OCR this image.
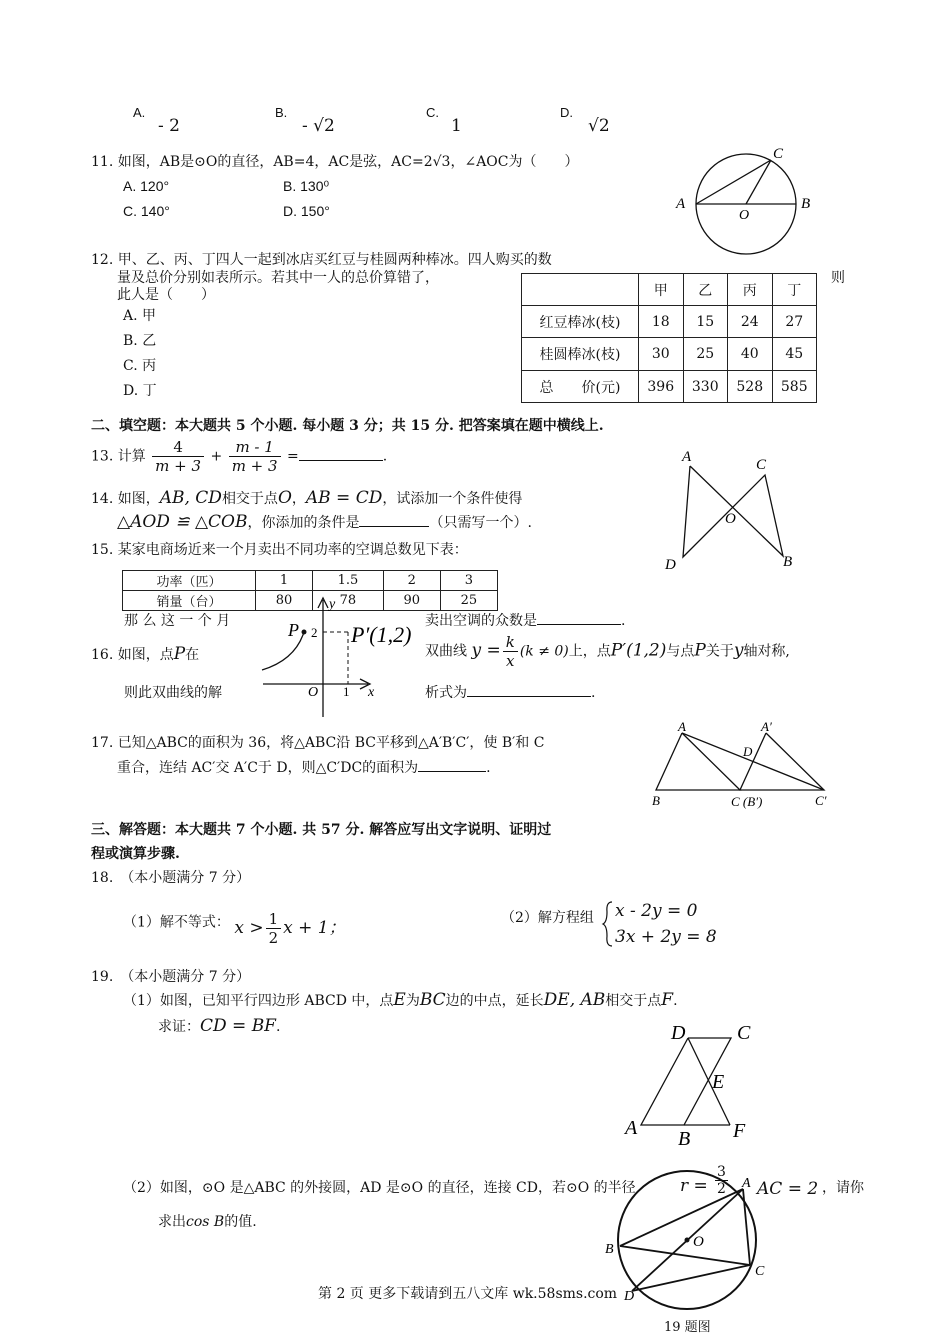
A.
- 2
B.
- √2
C.
1
D.
√2
11. 如图，AB是⊙O的直径，AB=4，AC是弦，AC=2√3，∠AOC为（　　）
A. 120°	B. 130⁰
C. 140°	D. 150°	A	B
C
O
12. 甲、乙、丙、丁四人一起到冰店买红豆与桂圆两种棒冰。四人购买的数
量及总价分别如表所示。若其中一人的总价算错了，	则
此人是（　　）
A. 甲
B. 乙
C. 丙
D. 丁
	甲	乙	丙	丁
红豆棒冰(枝)	18	15	24	27
桂圆棒冰(枝)	30	25	40	45
总　　价(元)	396	330	528	585
二、填空题：本大题共 5 个小题. 每小题 3 分；共 15 分. 把答案填在题中横线上.
13. 计算 $\frac{4}{m + 3} + \frac{m - 1}{m + 3}$ =	.
14. 如图，AB, CD相交于点O，AB = CD，试添加一个条件使得
△AOD ≌ △COB，你添加的条件是	（只需写一个）.
A	C
O
D	B
15. 某家电商场近来一个月卖出不同功率的空调总数见下表：
功率（匹）	1	1.5	2	3
销量（台）	80	78	90	25
那 么 这 一 个 月	卖出空调的众数是	.
P 2 P′(1,2)
O 1 x
y
16. 如图，点P在	双曲线 $y = \frac{k}{x} (k \ne 0)$上，点P′(1,2)与点P关于y轴对称,
则此双曲线的解	析式为	.
17. 已知△ABC的面积为 36，将△ABC沿 BC平移到△A′B′C′，使 B′和 C
重合，连结 AC′交 A′C于 D，则△C′DC的面积为	.
A	A′
D
B	C (B′)	C′
三、解答题：本大题共 7 个小题. 共 57 分. 解答应写出文字说明、证明过
程或演算步骤.
18.　（本小题满分 7 分）
（1）解不等式： $x > \frac{1}{2}$ x + 1；	（2）解方程组 x - 2y = 0
3x + 2y = 8
19.　（本小题满分 7 分）
（1）如图，已知平行四边形 ABCD 中，点E为BC边的中点，延长DE, AB相交于点F.
求证：CD = BF.	D	C
E
A B F
（2）如图，⊙O 是△ABC 的外接圆，AD 是⊙O 的直径，连接 CD，若⊙O 的半径	$r = \frac{3}{2}$ AC = 2 ，请你
求出cos B的值.
A
B	O
C
D
第 2 页 更多下载请到五八文库 wk.58sms.com
19 题图
